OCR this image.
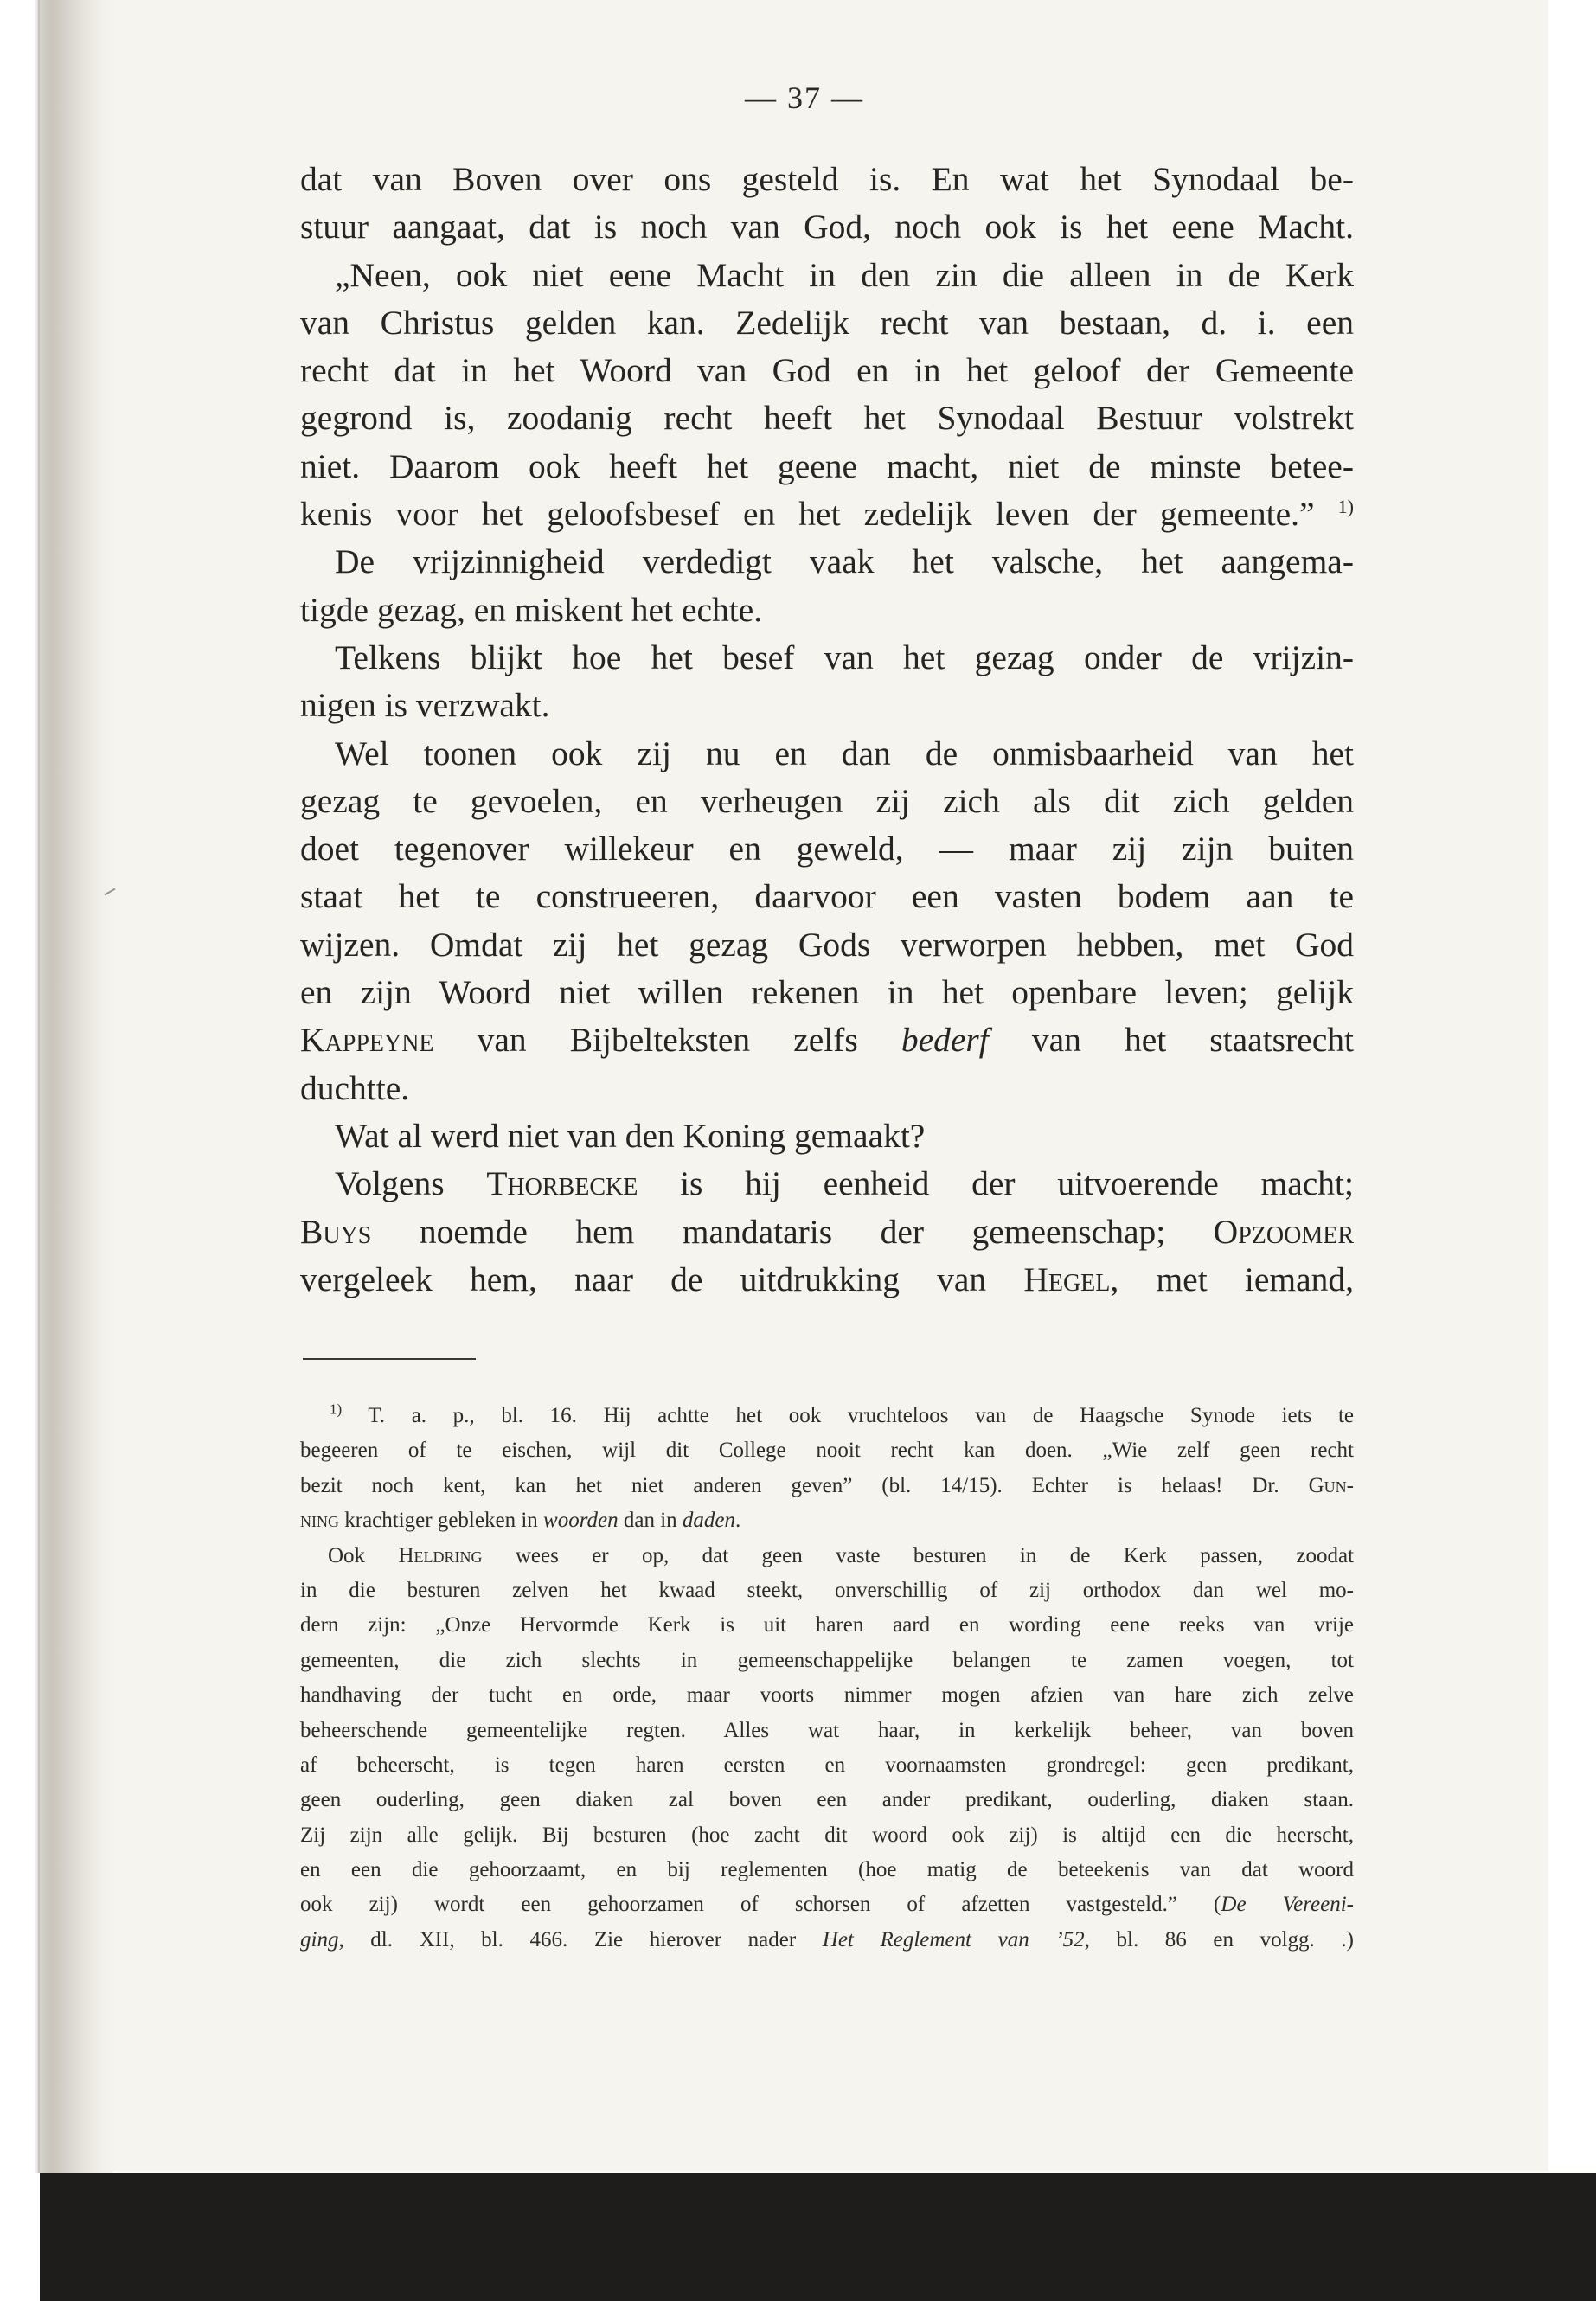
— 37 —
dat van Boven over ons gesteld is. En wat het Synodaal be-
stuur aangaat, dat is noch van God, noch ook is het eene Macht.
„Neen, ook niet eene Macht in den zin die alleen in de Kerk
van Christus gelden kan. Zedelijk recht van bestaan, d. i. een
recht dat in het Woord van God en in het geloof der Gemeente
gegrond is, zoodanig recht heeft het Synodaal Bestuur volstrekt
niet. Daarom ook heeft het geene macht, niet de minste betee-
kenis voor het geloofsbesef en het zedelijk leven der gemeente.” $^{1)}$
De vrijzinnigheid verdedigt vaak het valsche, het aangema-
tigde gezag, en miskent het echte.
Telkens blijkt hoe het besef van het gezag onder de vrijzin-
nigen is verzwakt.
Wel toonen ook zij nu en dan de onmisbaarheid van het
gezag te gevoelen, en verheugen zij zich als dit zich gelden
doet tegenover willekeur en geweld, — maar zij zijn buiten
staat het te construeeren, daarvoor een vasten bodem aan te
wijzen. Omdat zij het gezag Gods verworpen hebben, met God
en zijn Woord niet willen rekenen in het openbare leven; gelijk
Kappeyne van Bijbelteksten zelfs bederf van het staatsrecht
duchtte.
Wat al werd niet van den Koning gemaakt?
Volgens Thorbecke is hij eenheid der uitvoerende macht;
Buys noemde hem mandataris der gemeenschap; Opzoomer
vergeleek hem, naar de uitdrukking van Hegel, met iemand,
$^{1)}$ T. a. p., bl. 16. Hij achtte het ook vruchteloos van de Haagsche Synode iets te
begeeren of te eischen, wijl dit College nooit recht kan doen. „Wie zelf geen recht
bezit noch kent, kan het niet anderen geven” (bl. 14/15). Echter is helaas! Dr. Gun-
ning krachtiger gebleken in woorden dan in daden.
Ook Heldring wees er op, dat geen vaste besturen in de Kerk passen, zoodat
in die besturen zelven het kwaad steekt, onverschillig of zij orthodox dan wel mo-
dern zijn: „Onze Hervormde Kerk is uit haren aard en wording eene reeks van vrije
gemeenten, die zich slechts in gemeenschappelijke belangen te zamen voegen, tot
handhaving der tucht en orde, maar voorts nimmer mogen afzien van hare zich zelve
beheerschende gemeentelijke regten. Alles wat haar, in kerkelijk beheer, van boven
af beheerscht, is tegen haren eersten en voornaamsten grondregel: geen predikant,
geen ouderling, geen diaken zal boven een ander predikant, ouderling, diaken staan.
Zij zijn alle gelijk. Bij besturen (hoe zacht dit woord ook zij) is altijd een die heerscht,
en een die gehoorzaamt, en bij reglementen (hoe matig de beteekenis van dat woord
ook zij) wordt een gehoorzamen of schorsen of afzetten vastgesteld.” (De Vereeni-
ging, dl. XII, bl. 466. Zie hierover nader Het Reglement van ’52, bl. 86 en volgg. .)
